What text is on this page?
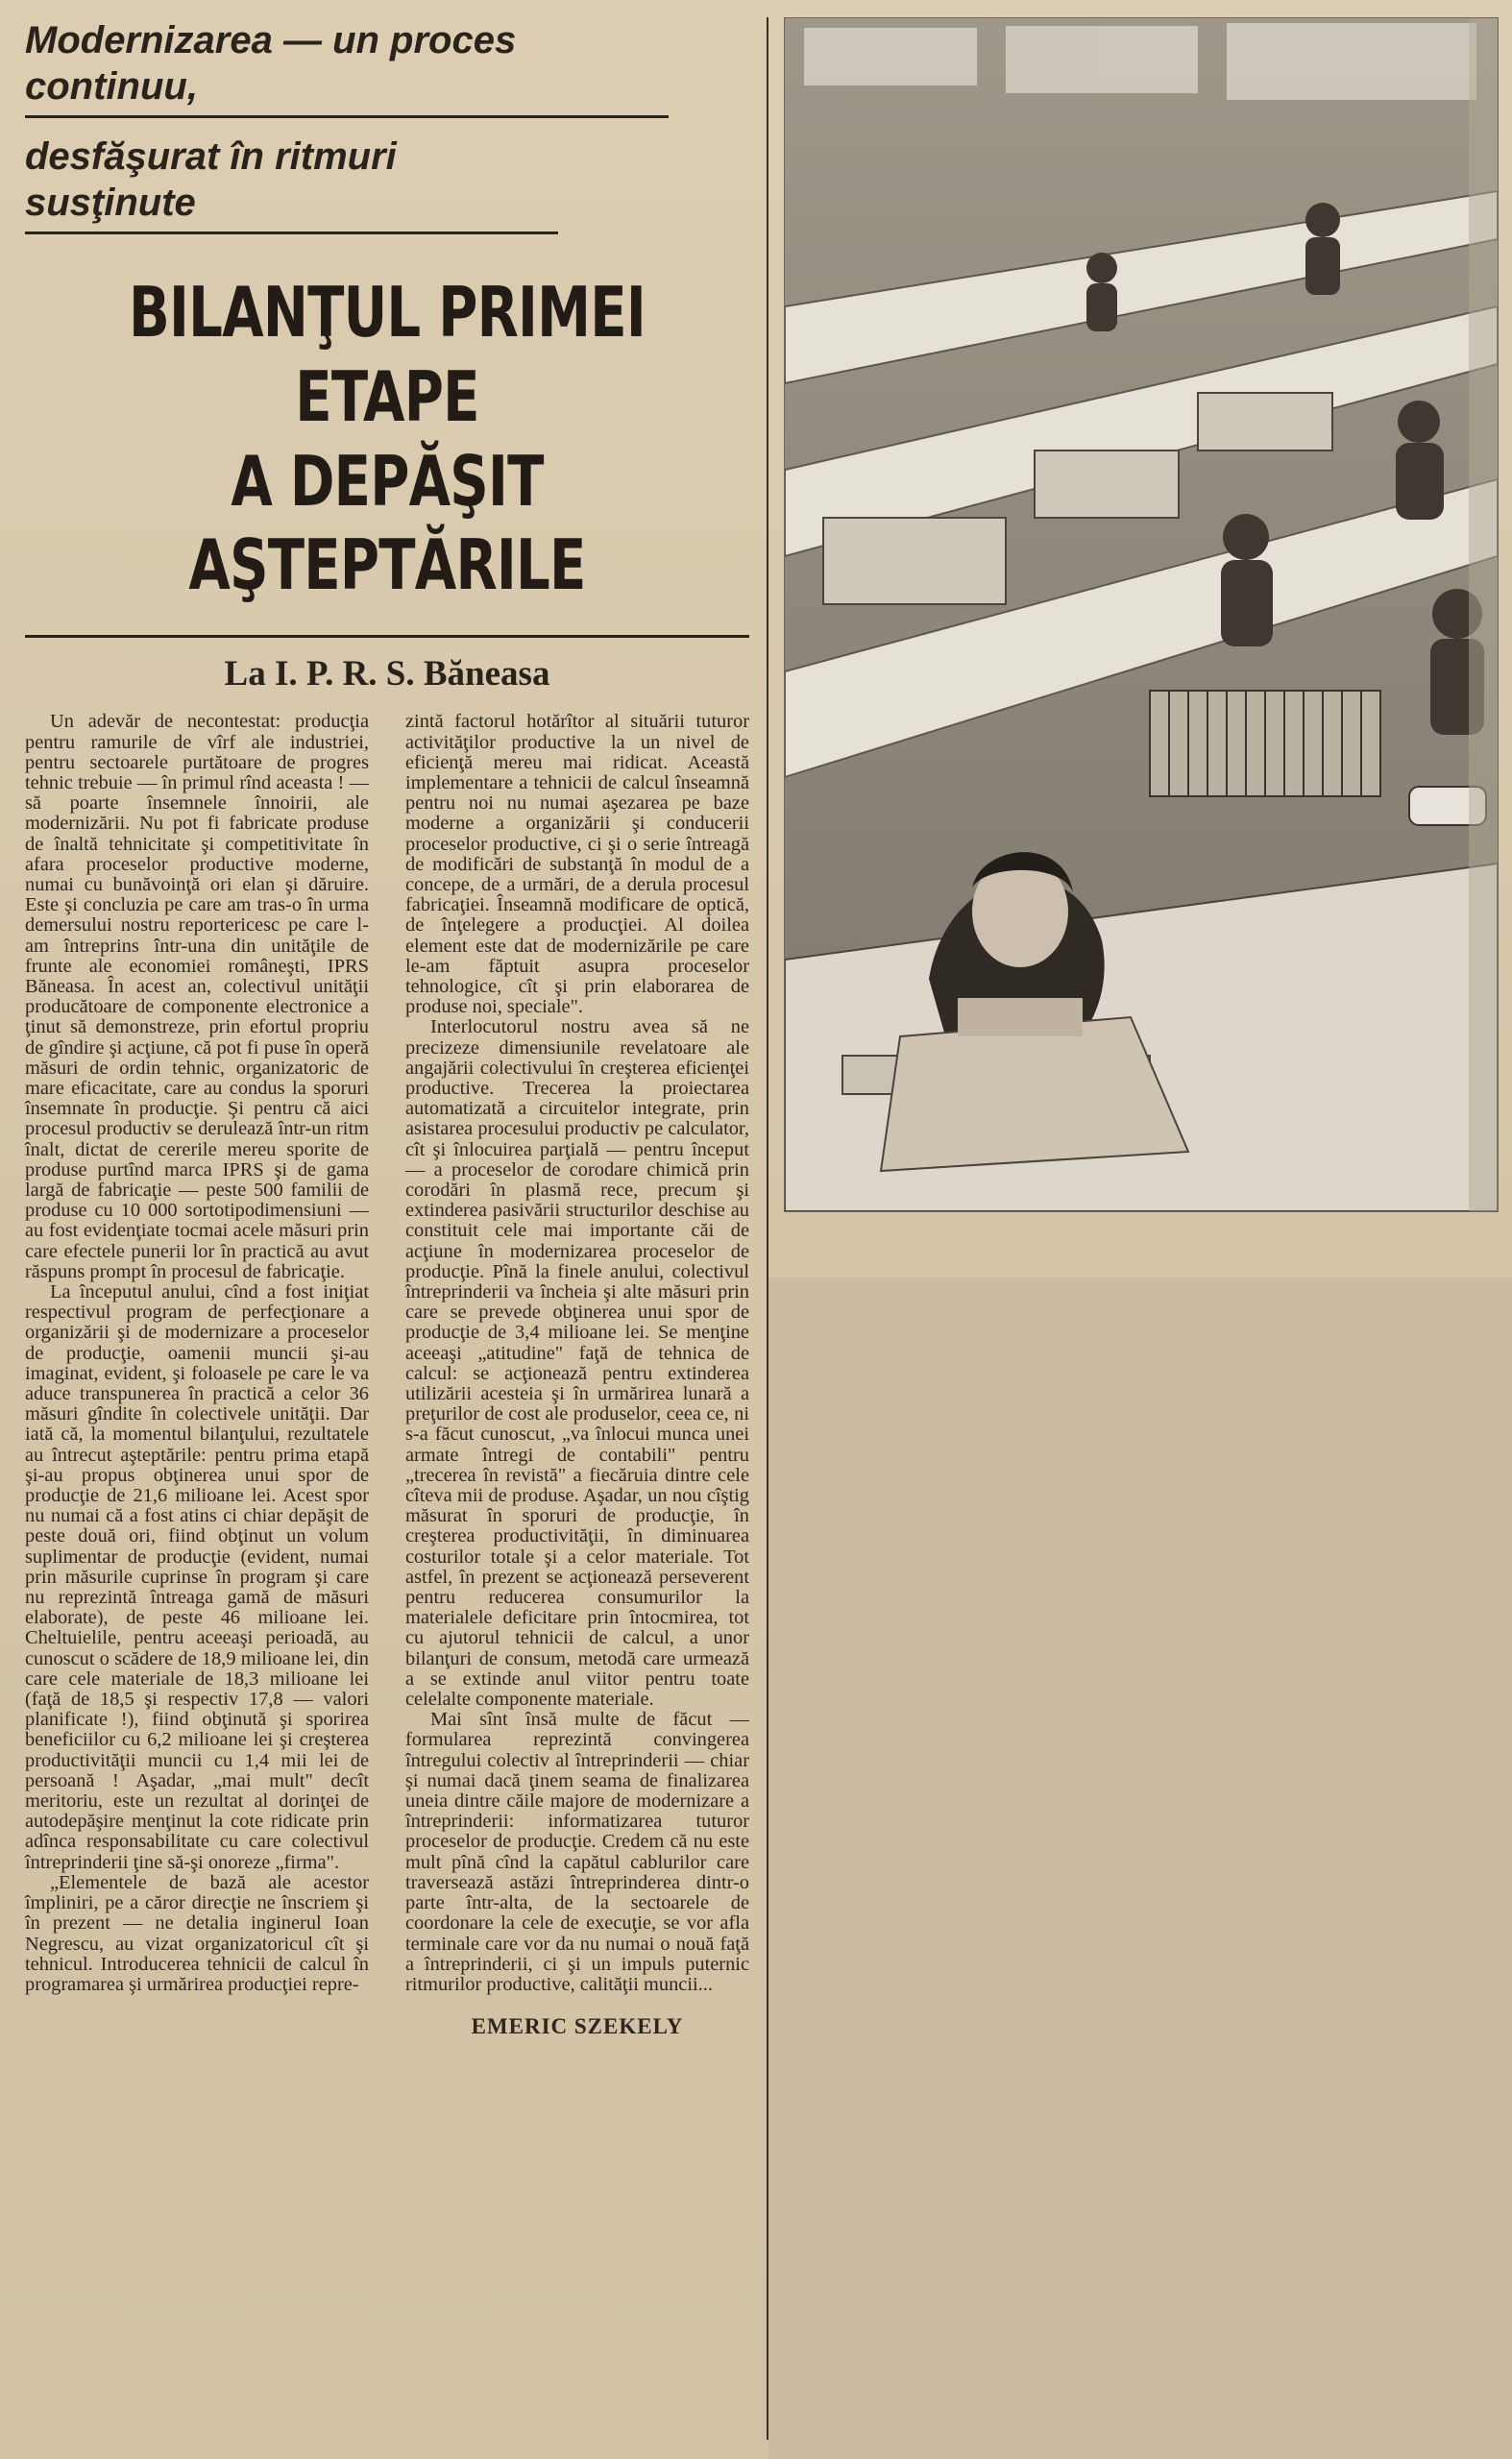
Modernizarea — un proces continuu,
desfăşurat în ritmuri susţinute
BILANŢUL PRIMEI ETAPE
A DEPĂŞIT AŞTEPTĂRILE
La I. P. R. S. Băneasa

Un adevăr de necontestat: producţia pentru ramurile de vîrf ale industriei, pentru sectoarele purtătoare de progres tehnic trebuie — în primul rînd aceasta ! — să poarte însemnele înnoirii, ale modernizării. Nu pot fi fabricate produse de înaltă tehnicitate şi competitivitate în afara proceselor productive moderne, numai cu bunăvoinţă ori elan şi dăruire. Este şi concluzia pe care am tras-o în urma demersului nostru reportericesc pe care l-am întreprins într-una din unităţile de frunte ale economiei româneşti, IPRS Băneasa. În acest an, colectivul unităţii producătoare de componente electronice a ţinut să demonstreze, prin efortul propriu de gîndire şi acţiune, că pot fi puse în operă măsuri de ordin tehnic, organizatoric de mare eficacitate, care au condus la sporuri însemnate în producţie. Şi pentru că aici procesul productiv se derulează într-un ritm înalt, dictat de cererile mereu sporite de produse purtînd marca IPRS şi de gama largă de fabricaţie — peste 500 familii de produse cu 10 000 sortotipodimensiuni — au fost evidenţiate tocmai acele măsuri prin care efectele punerii lor în practică au avut răspuns prompt în procesul de fabricaţie.

La începutul anului, cînd a fost iniţiat respectivul program de perfecţionare a organizării şi de modernizare a proceselor de producţie, oamenii muncii şi-au imaginat, evident, şi foloasele pe care le va aduce transpunerea în practică a celor 36 măsuri gîndite în colectivele unităţii. Dar iată că, la momentul bilanţului, rezultatele au întrecut aşteptările: pentru prima etapă şi-au propus obţinerea unui spor de producţie de 21,6 milioane lei. Acest spor nu numai că a fost atins ci chiar depăşit de peste două ori, fiind obţinut un volum suplimentar de producţie (evident, numai prin măsurile cuprinse în program şi care nu reprezintă întreaga gamă de măsuri elaborate), de peste 46 milioane lei. Cheltuielile, pentru aceeaşi perioadă, au cunoscut o scădere de 18,9 milioane lei, din care cele materiale de 18,3 milioane lei (faţă de 18,5 şi respectiv 17,8 — valori planificate !), fiind obţinută şi sporirea beneficiilor cu 6,2 milioane lei şi creşterea productivităţii muncii cu 1,4 mii lei de persoană ! Aşadar, „mai mult" decît meritoriu, este un rezultat al dorinţei de autodepăşire menţinut la cote ridicate prin adînca responsabilitate cu care colectivul întreprinderii ţine să-şi onoreze „firma".

„Elementele de bază ale acestor împliniri, pe a căror direcţie ne înscriem şi în prezent — ne detalia inginerul Ioan Negrescu, au vizat organizatoricul cît şi tehnicul. Introducerea tehnicii de calcul în programarea şi urmărirea producţiei repre-

zintă factorul hotărîtor al situării tuturor activităţilor productive la un nivel de eficienţă mereu mai ridicat. Această implementare a tehnicii de calcul înseamnă pentru noi nu numai aşezarea pe baze moderne a organizării şi conducerii proceselor productive, ci şi o serie întreagă de modificări de substanţă în modul de a concepe, de a urmări, de a derula procesul fabricaţiei. Înseamnă modificare de optică, de înţelegere a producţiei. Al doilea element este dat de modernizările pe care le-am făptuit asupra proceselor tehnologice, cît şi prin elaborarea de produse noi, speciale".

Interlocutorul nostru avea să ne precizeze dimensiunile revelatoare ale angajării colectivului în creşterea eficienţei productive. Trecerea la proiectarea automatizată a circuitelor integrate, prin asistarea procesului productiv pe calculator, cît şi înlocuirea parţială — pentru început — a proceselor de corodare chimică prin corodări în plasmă rece, precum şi extinderea pasivării structurilor deschise au constituit cele mai importante căi de acţiune în modernizarea proceselor de producţie. Pînă la finele anului, colectivul întreprinderii va încheia şi alte măsuri prin care se prevede obţinerea unui spor de producţie de 3,4 milioane lei. Se menţine aceeaşi „atitudine" faţă de tehnica de calcul: se acţionează pentru extinderea utilizării acesteia şi în urmărirea lunară a preţurilor de cost ale produselor, ceea ce, ni s-a făcut cunoscut, „va înlocui munca unei armate întregi de contabili" pentru „trecerea în revistă" a fiecăruia dintre cele cîteva mii de produse. Aşadar, un nou cîştig măsurat în sporuri de producţie, în creşterea productivităţii, în diminuarea costurilor totale şi a celor materiale. Tot astfel, în prezent se acţionează perseverent pentru reducerea consumurilor la materialele deficitare prin întocmirea, tot cu ajutorul tehnicii de calcul, a unor bilanţuri de consum, metodă care urmează a se extinde anul viitor pentru toate celelalte componente materiale.

Mai sînt însă multe de făcut — formularea reprezintă convingerea întregului colectiv al întreprinderii — chiar şi numai dacă ţinem seama de finalizarea uneia dintre căile majore de modernizare a întreprinderii: informatizarea tuturor proceselor de producţie. Credem că nu este mult pînă cînd la capătul cablurilor care traversează astăzi întreprinderea dintr-o parte într-alta, de la sectoarele de coordonare la cele de execuţie, se vor afla terminale care vor da nu numai o nouă faţă a întreprinderii, ci şi un impuls puternic ritmurilor productive, calităţii muncii...

EMERIC SZEKELY
